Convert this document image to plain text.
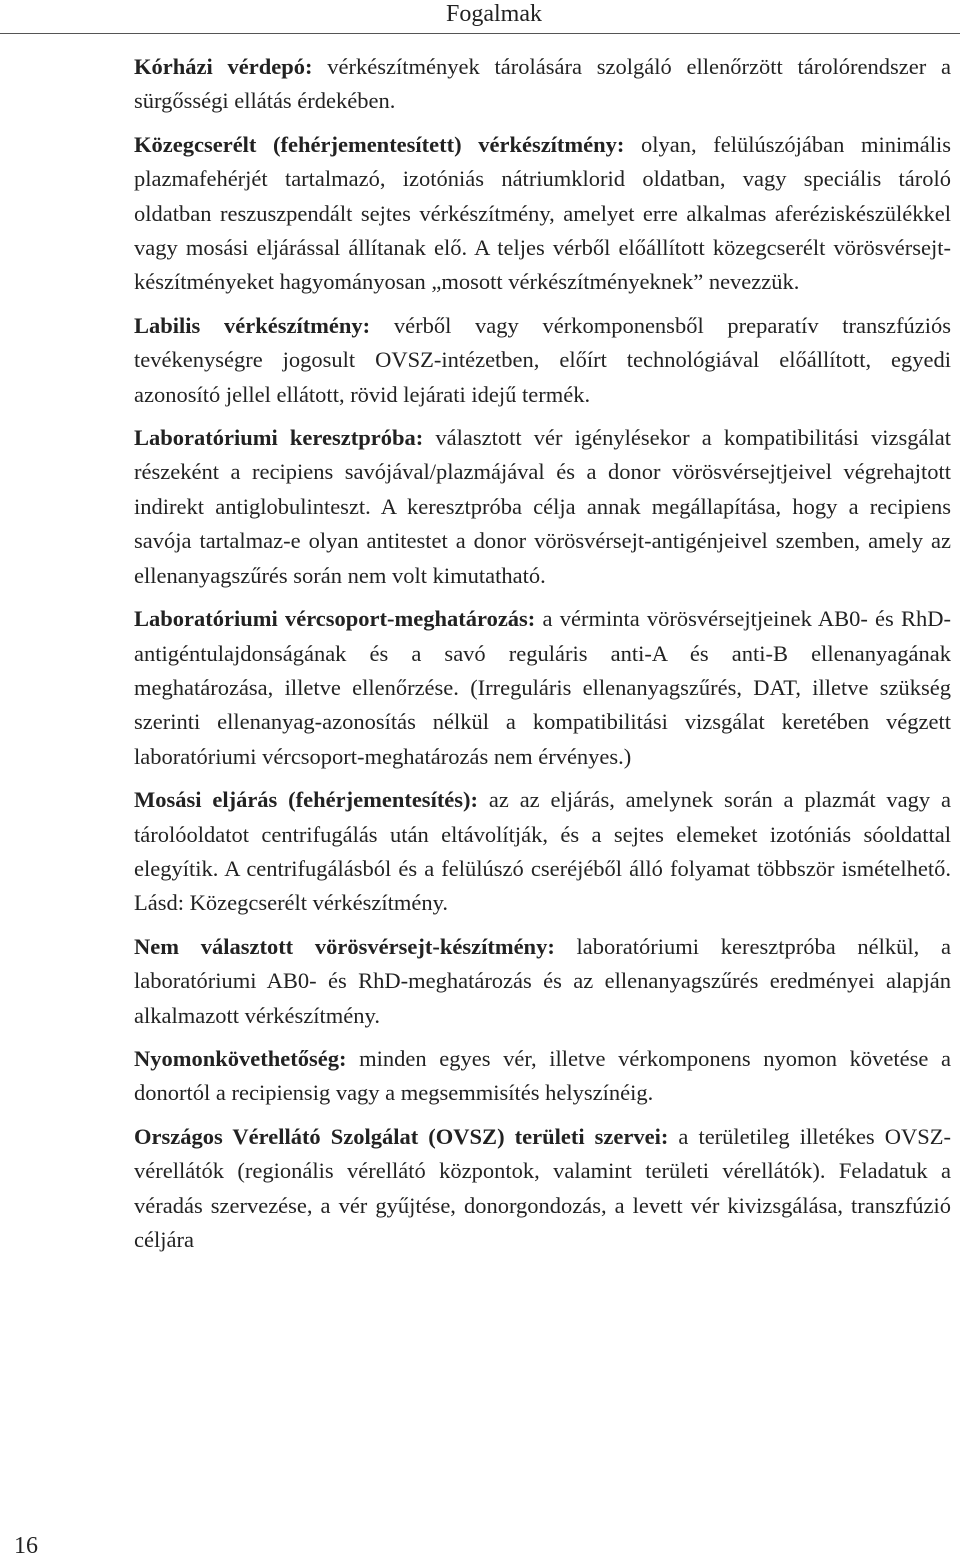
Fogalmak

Kórházi vérdepó: vérkészítmények tárolására szolgáló ellenőrzött tárolórendszer a sürgősségi ellátás érdekében.

Közegcserélt (fehérjementesített) vérkészítmény: olyan, felülúszójában minimális plazmafehérjét tartalmazó, izotóniás nátriumklorid oldatban, vagy speciális tároló oldatban reszuszpendált sejtes vérkészítmény, amelyet erre alkalmas aferéziskészülékkel vagy mosási eljárással állítanak elő. A teljes vérből előállított közegcserélt vörösvérsejt-készítményeket hagyományosan „mosott vérkészítményeknek” nevezzük.

Labilis vérkészítmény: vérből vagy vérkomponensből preparatív transzfúziós tevékenységre jogosult OVSZ-intézetben, előírt technológiával előállított, egyedi azonosító jellel ellátott, rövid lejárati idejű termék.

Laboratóriumi keresztpróba: választott vér igénylésekor a kompatibilitási vizsgálat részeként a recipiens savójával/plazmájával és a donor vörösvérsejtjeivel végrehajtott indirekt antiglobulinteszt. A keresztpróba célja annak megállapítása, hogy a recipiens savója tartalmaz-e olyan antitestet a donor vörösvérsejt-antigénjeivel szemben, amely az ellenanyagszűrés során nem volt kimutatható.

Laboratóriumi vércsoport-meghatározás: a vérminta vörösvérsejtjeinek AB0- és RhD-antigéntulajdonságának és a savó reguláris anti-A és anti-B ellenanyagának meghatározása, illetve ellenőrzése. (Irreguláris ellenanyagszűrés, DAT, illetve szükség szerinti ellenanyag-azonosítás nélkül a kompatibilitási vizsgálat keretében végzett laboratóriumi vércsoport-meghatározás nem érvényes.)

Mosási eljárás (fehérjementesítés): az az eljárás, amelynek során a plazmát vagy a tárolóoldatot centrifugálás után eltávolítják, és a sejtes elemeket izotóniás sóoldattal elegyítik. A centrifugálásból és a felülúszó cseréjéből álló folyamat többször ismételhető. Lásd: Közegcserélt vérkészítmény.

Nem választott vörösvérsejt-készítmény: laboratóriumi keresztpróba nélkül, a laboratóriumi AB0- és RhD-meghatározás és az ellenanyagszűrés eredményei alapján alkalmazott vérkészítmény.

Nyomonkövethetőség: minden egyes vér, illetve vérkomponens nyomon követése a donortól a recipiensig vagy a megsemmisítés helyszínéig.

Országos Vérellátó Szolgálat (OVSZ) területi szervei: a területileg illetékes OVSZ-vérellátók (regionális vérellátó központok, valamint területi vérellátók). Feladatuk a véradás szervezése, a vér gyűjtése, donorgondozás, a levett vér kivizsgálása, transzfúzió céljára

16
